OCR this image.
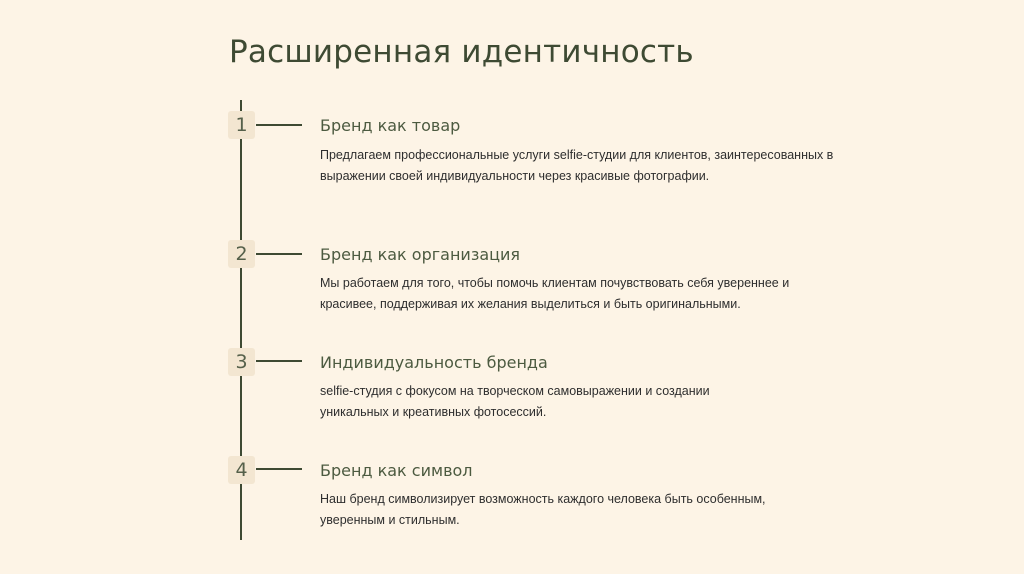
Расширенная идентичность
1	Бренд как товар
Предлагаем профессиональные услуги selfie-студии для клиентов, заинтересованных в выражении своей индивидуальности через красивые фотографии.
2	Бренд как организация
Мы работаем для того, чтобы помочь клиентам почувствовать себя увереннее и красивее, поддерживая их желания выделиться и быть оригинальными.
3	Индивидуальность бренда
selfie-студия с фокусом на творческом самовыражении и создании уникальных и креативных фотосессий.
4	Бренд как символ
Наш бренд символизирует возможность каждого человека быть особенным, уверенным и стильным.
